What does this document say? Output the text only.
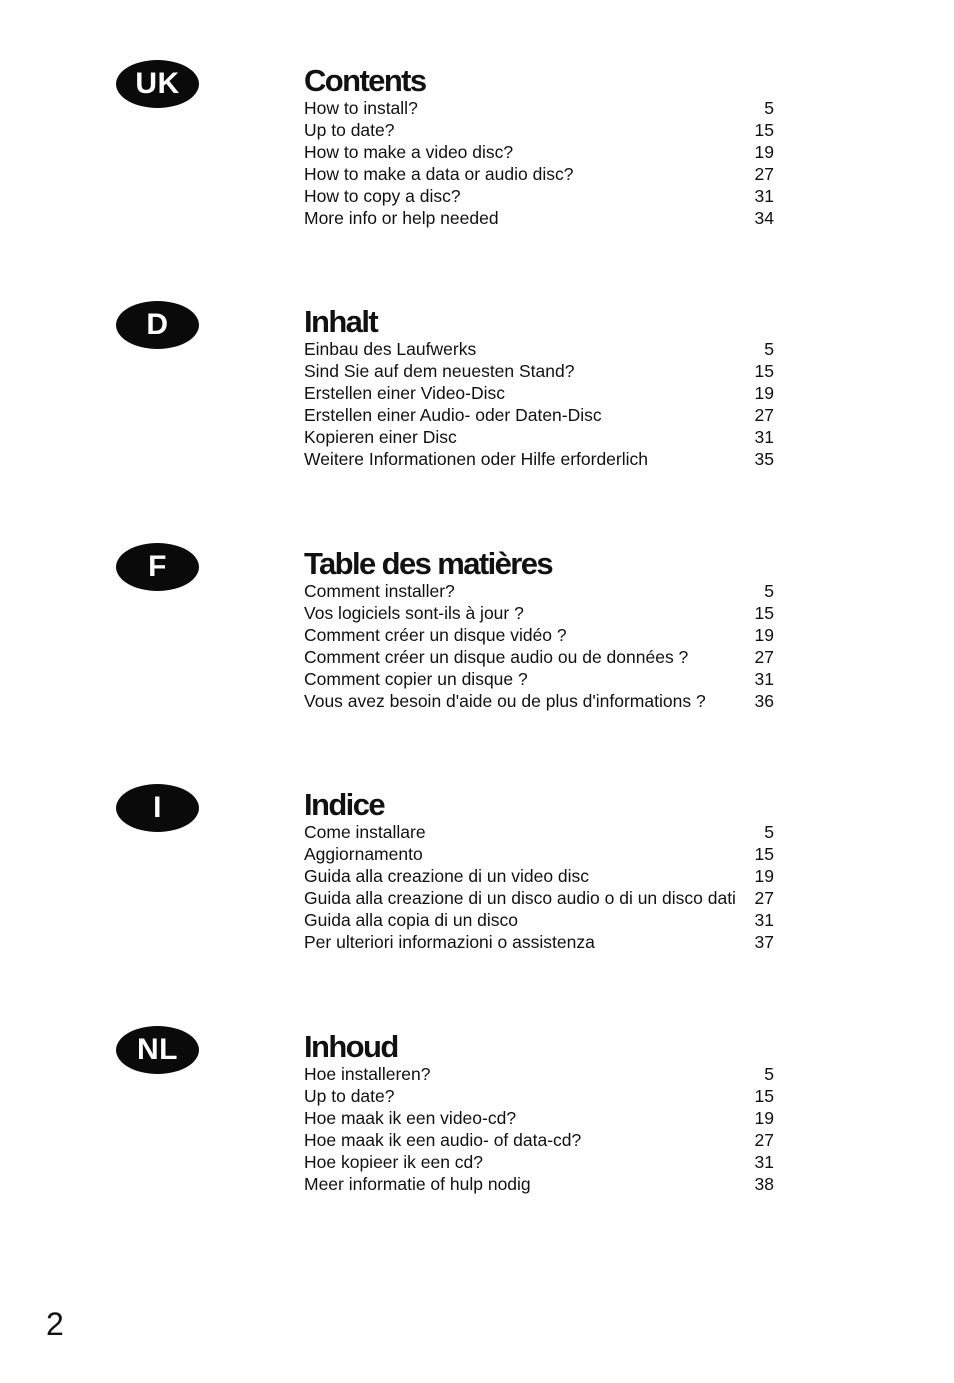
UK	Contents
How to install?	5
Up to date?	15
How to make a video disc?	19
How to make a data or audio disc?	27
How to copy a disc?	31
More info or help needed	34
D	Inhalt
Einbau des Laufwerks	5
Sind Sie auf dem neuesten Stand?	15
Erstellen einer Video-Disc	19
Erstellen einer Audio- oder Daten-Disc	27
Kopieren einer Disc	31
Weitere Informationen oder Hilfe erforderlich	35
F	Table des matières
Comment installer?	5
Vos logiciels sont-ils à jour ?	15
Comment créer un disque vidéo ?	19
Comment créer un disque audio ou de données ?	27
Comment copier un disque ?	31
Vous avez besoin d'aide ou de plus d'informations ?	36
I	Indice
Come installare	5
Aggiornamento	15
Guida alla creazione di un video disc	19
Guida alla creazione di un disco audio o di un disco dati	27
Guida alla copia di un disco	31
Per ulteriori informazioni o assistenza	37
NL	Inhoud
Hoe installeren?	5
Up to date?	15
Hoe maak ik een video-cd?	19
Hoe maak ik een audio- of data-cd?	27
Hoe kopieer ik een cd?	31
Meer informatie of hulp nodig	38
2
